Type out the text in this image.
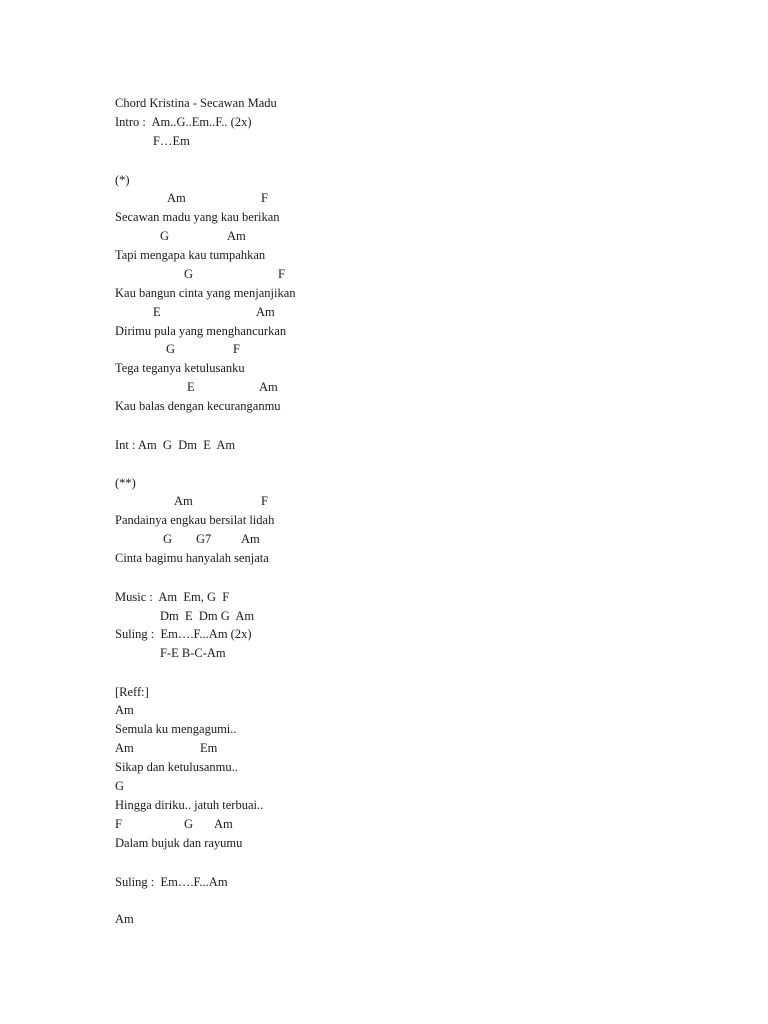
Chord Kristina - Secawan Madu
Intro :  Am..G..Em..F.. (2x)
F…Em
(*)
Am	F
Secawan madu yang kau berikan
G	Am
Tapi mengapa kau tumpahkan
G	F
Kau bangun cinta yang menjanjikan
E	Am
Dirimu pula yang menghancurkan
G	F
Tega teganya ketulusanku
E	Am
Kau balas dengan kecuranganmu
Int : Am  G  Dm  E  Am
(**)
Am	F
Pandainya engkau bersilat lidah
G G7 Am
Cinta bagimu hanyalah senjata
Music :  Am  Em, G  F
Dm  E  Dm G  Am
Suling :  Em….F...Am (2x)
F-E B-C-Am
[Reff:]
Am
Semula ku mengagumi..
Am	Em
Sikap dan ketulusanmu..
G
Hingga diriku.. jatuh terbuai..
F	G Am
Dalam bujuk dan rayumu
Suling :  Em….F...Am
Am
